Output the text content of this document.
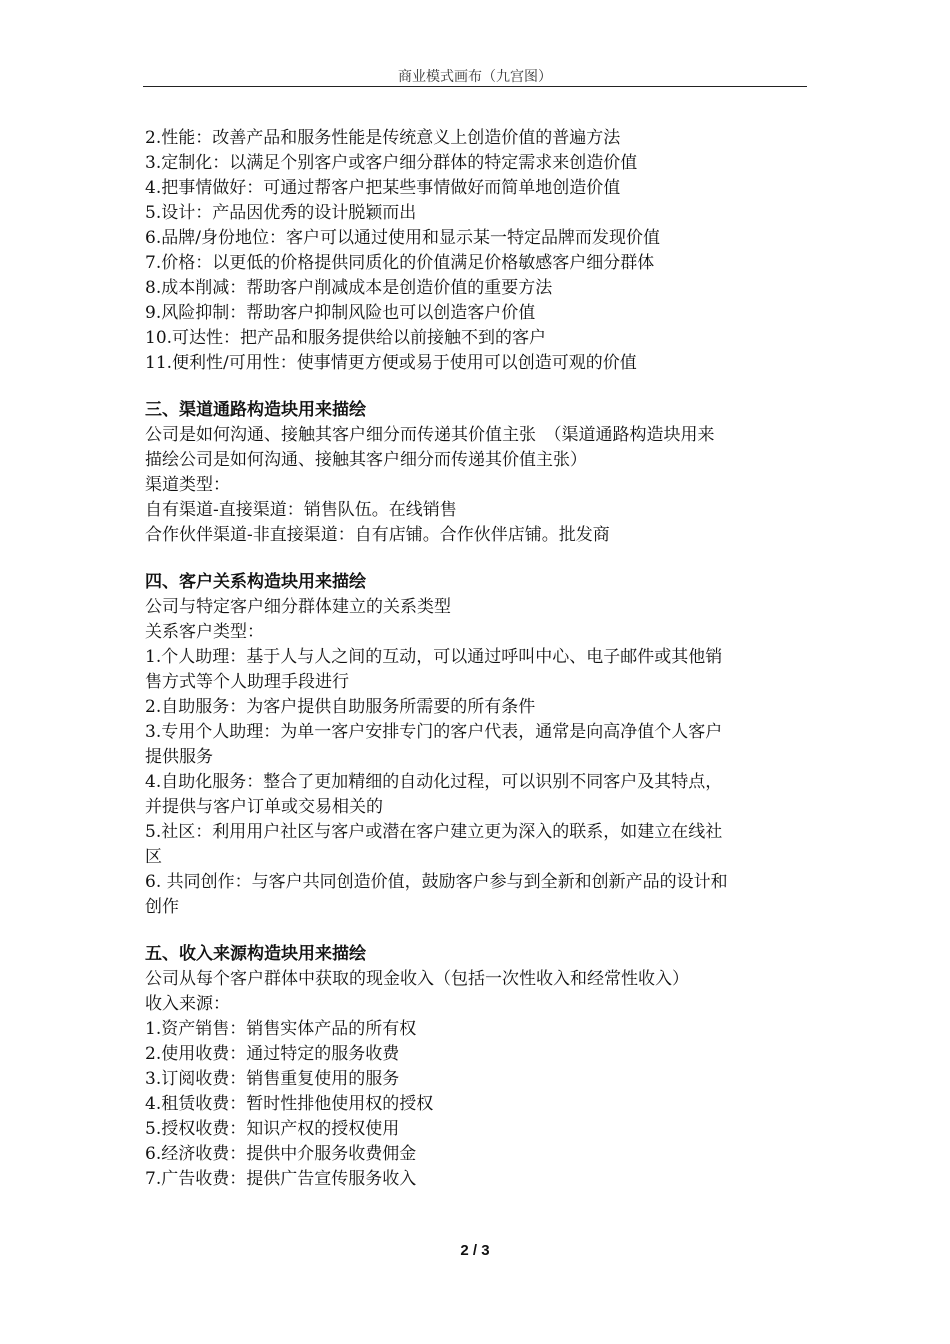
商业模式画布（九宫图）
2.性能：改善产品和服务性能是传统意义上创造价值的普遍方法
3.定制化：以满足个别客户或客户细分群体的特定需求来创造价值
4.把事情做好：可通过帮客户把某些事情做好而简单地创造价值
5.设计：产品因优秀的设计脱颖而出
6.品牌/身份地位：客户可以通过使用和显示某一特定品牌而发现价值
7.价格：以更低的价格提供同质化的价值满足价格敏感客户细分群体
8.成本削减：帮助客户削减成本是创造价值的重要方法
9.风险抑制：帮助客户抑制风险也可以创造客户价值
10.可达性：把产品和服务提供给以前接触不到的客户
11.便利性/可用性：使事情更方便或易于使用可以创造可观的价值
三、渠道通路构造块用来描绘
公司是如何沟通、接触其客户细分而传递其价值主张　（渠道通路构造块用来
描绘公司是如何沟通、接触其客户细分而传递其价值主张）
渠道类型：
自有渠道-直接渠道：销售队伍。在线销售
合作伙伴渠道-非直接渠道：自有店铺。合作伙伴店铺。批发商
四、客户关系构造块用来描绘
公司与特定客户细分群体建立的关系类型
关系客户类型：
1.个人助理：基于人与人之间的互动，可以通过呼叫中心、电子邮件或其他销
售方式等个人助理手段进行
2.自助服务：为客户提供自助服务所需要的所有条件
3.专用个人助理：为单一客户安排专门的客户代表，通常是向高净值个人客户
提供服务
4.自助化服务：整合了更加精细的自动化过程，可以识别不同客户及其特点，
并提供与客户订单或交易相关的
5.社区：利用用户社区与客户或潜在客户建立更为深入的联系，如建立在线社
区
6. 共同创作：与客户共同创造价值，鼓励客户参与到全新和创新产品的设计和
创作
五、收入来源构造块用来描绘
公司从每个客户群体中获取的现金收入（包括一次性收入和经常性收入）
收入来源：
1.资产销售：销售实体产品的所有权
2.使用收费：通过特定的服务收费
3.订阅收费：销售重复使用的服务
4.租赁收费：暂时性排他使用权的授权
5.授权收费：知识产权的授权使用
6.经济收费：提供中介服务收费佣金
7.广告收费：提供广告宣传服务收入
2 / 3
